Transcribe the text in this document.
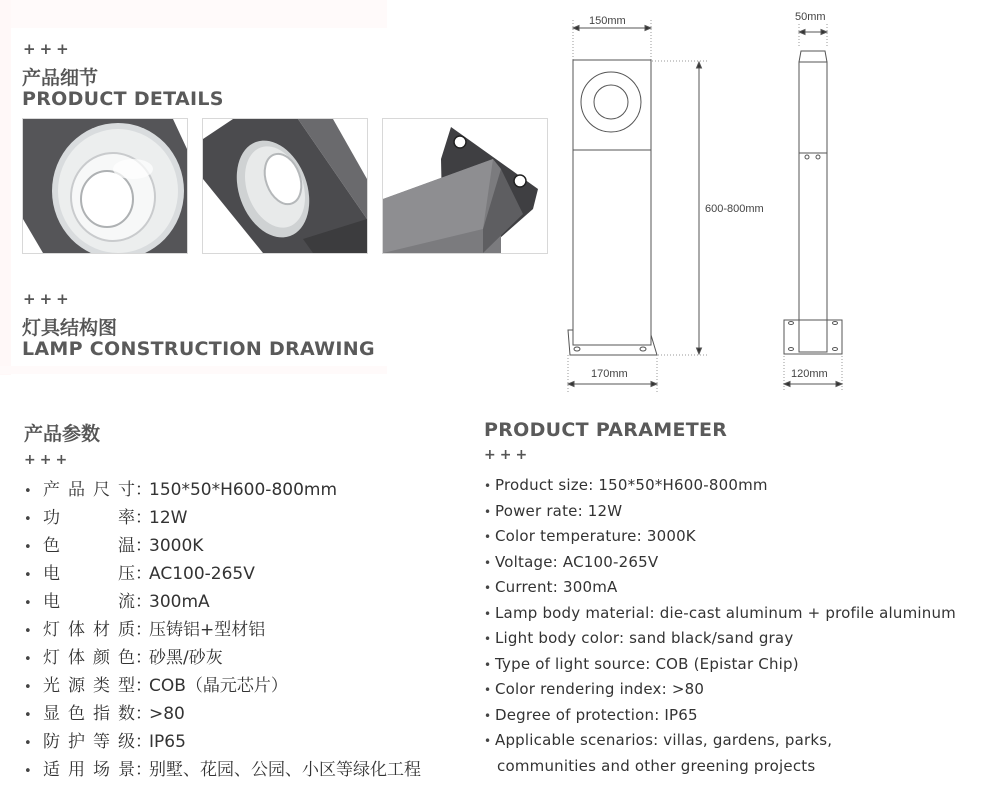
+++
产品细节
PRODUCT DETAILS
+++
灯具结构图
LAMP CONSTRUCTION DRAWING
150mm
600-800mm
170mm
50mm
120mm
产品参数
+++
• 产品尺寸：150*50*H600-800mm
• 功率：12W
• 色温：3000K
• 电压：AC100-265V
• 电流：300mA
• 灯体材质：压铸铝+型材铝
• 灯体颜色：砂黑/砂灰
• 光源类型：COB（晶元芯片）
• 显色指数：>80
• 防护等级：IP65
• 适用场景：别墅、花园、公园、小区等绿化工程
PRODUCT PARAMETER
+++
• Product size: 150*50*H600-800mm
• Power rate: 12W
• Color temperature: 3000K
• Voltage: AC100-265V
• Current: 300mA
• Lamp body material: die-cast aluminum + profile aluminum
• Light body color: sand black/sand gray
• Type of light source: COB (Epistar Chip)
• Color rendering index: >80
• Degree of protection: IP65
• Applicable scenarios: villas, gardens, parks,
communities and other greening projects
